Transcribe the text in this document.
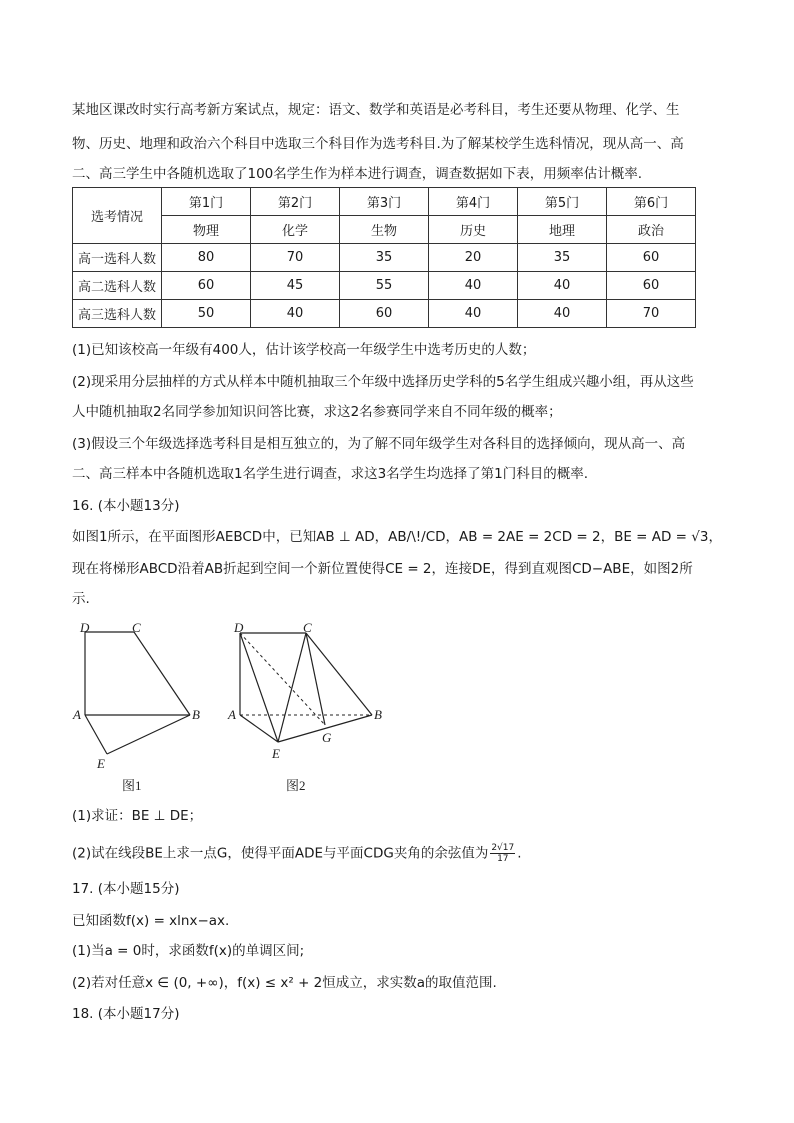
某地区课改时实行高考新方案试点，规定：语文、数学和英语是必考科目，考生还要从物理、化学、生
物、历史、地理和政治六个科目中选取三个科目作为选考科目.为了解某校学生选科情况，现从高一、高
二、高三学生中各随机选取了100名学生作为样本进行调查，调查数据如下表，用频率估计概率.
选考情况	第1门	第2门	第3门	第4门	第5门	第6门
	物理	化学	生物	历史	地理	政治
高一选科人数	80	70	35	20	35	60
高二选科人数	60	45	55	40	40	60
高三选科人数	50	40	60	40	40	70
(1)已知该校高一年级有400人，估计该学校高一年级学生中选考历史的人数；
(2)现采用分层抽样的方式从样本中随机抽取三个年级中选择历史学科的5名学生组成兴趣小组，再从这些
人中随机抽取2名同学参加知识问答比赛，求这2名参赛同学来自不同年级的概率；
(3)假设三个年级选择选考科目是相互独立的，为了解不同年级学生对各科目的选择倾向，现从高一、高
二、高三样本中各随机选取1名学生进行调查，求这3名学生均选择了第1门科目的概率.
16. (本小题13分)
如图1所示，在平面图形AEBCD中，已知AB ⊥ AD，AB/\!/CD，AB = 2AE = 2CD = 2，BE = AD = √3，
现在将梯形ABCD沿着AB折起到空间一个新位置使得CE = 2，连接DE，得到直观图CD−ABE，如图2所
示.
D	C
A	B
E
图1
D	C
A	B
E
G
图2
(1)求证：BE ⊥ DE；
(2)试在线段BE上求一点G，使得平面ADE与平面CDG夹角的余弦值为 $\frac{2√17}{17}$ .
17. (本小题15分)
已知函数f(x) = xlnx−ax.
(1)当a = 0时，求函数f(x)的单调区间;
(2)若对任意x ∈ (0, +∞)，f(x) ≤ x² + 2恒成立，求实数a的取值范围.
18. (本小题17分)
